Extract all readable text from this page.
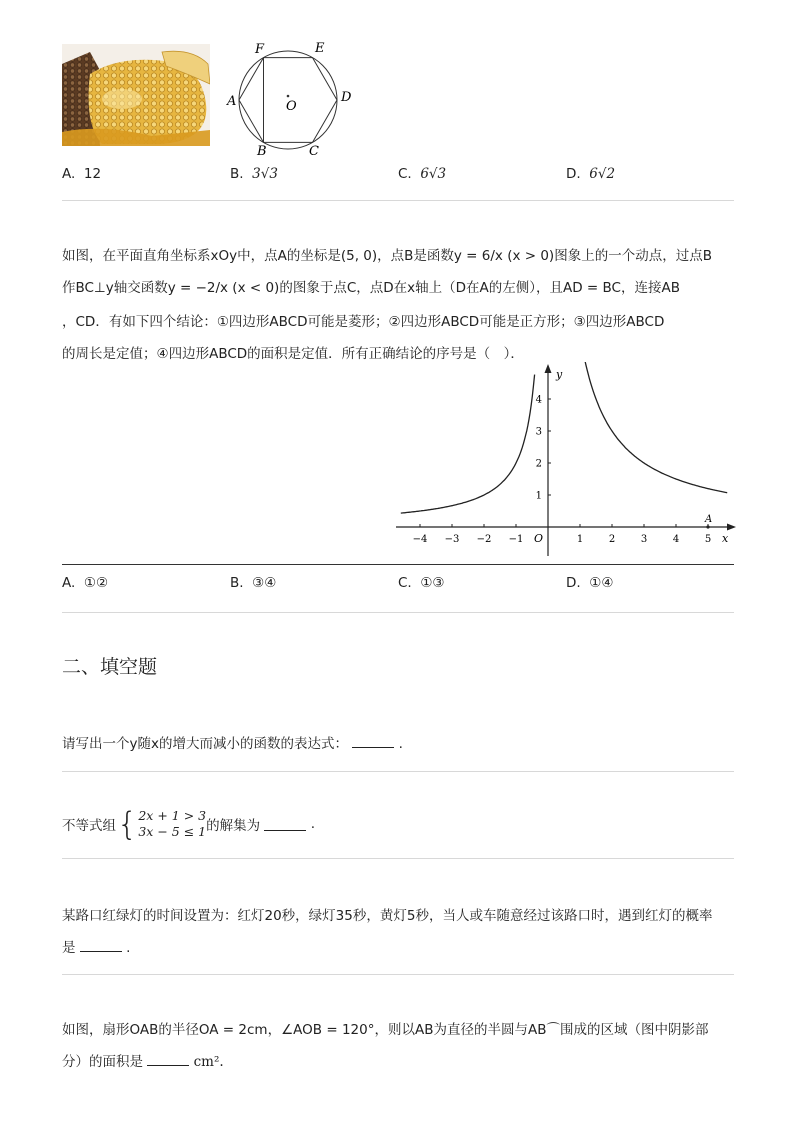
F	E
A	O
D
B	C
A. 12	B. 3√3	C. 6√3	D. 6√2
如图，在平面直角坐标系xOy中，点A的坐标是(5, 0)，点B是函数y = 6/x (x > 0)图象上的一个动点，过点B
作BC⊥y轴交函数y = −2/x (x < 0)的图象于点C，点D在x轴上（D在A的左侧），且AD = BC，连接AB
，CD．有如下四个结论：①四边形ABCD可能是菱形；②四边形ABCD可能是正方形；③四边形ABCD
的周长是定值；④四边形ABCD的面积是定值．所有正确结论的序号是（　）．
−4 −3 −2 −1	1	2	3	4	5
1
2
3
4
x
y
O
A
A. ①②	B. ③④	C. ①③	D. ①④
二、填空题
请写出一个y随x的增大而减小的函数的表达式：	.
不等式组 { 2x + 1 > 3
3x − 5 ≤ 1 的解集为

	.
某路口红绿灯的时间设置为：红灯20秒，绿灯35秒，黄灯5秒，当人或车随意经过该路口时，遇到红灯的概率
是	.
如图，扇形OAB的半径OA = 2cm，∠AOB = 120°，则以AB为直径的半圆与AB⌒围成的区域（图中阴影部
分）的面积是	cm².
